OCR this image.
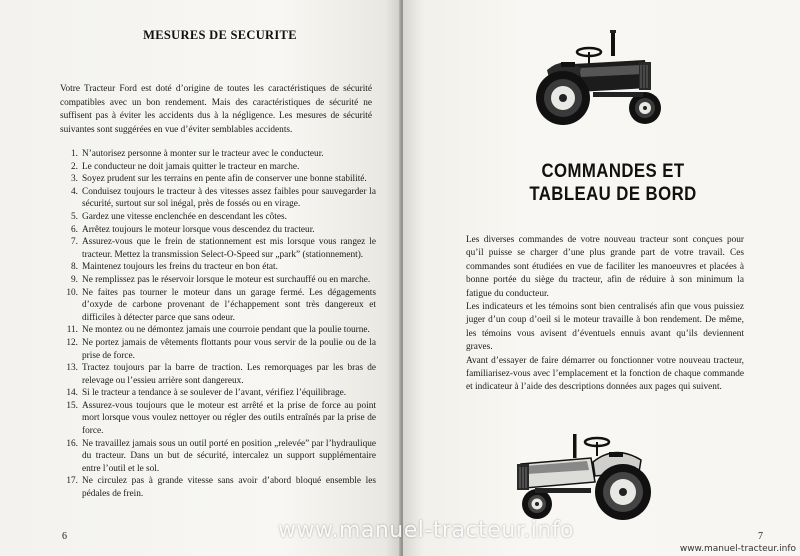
MESURES DE SECURITE

Votre Tracteur Ford est doté d’origine de toutes les caractéristiques de sécurité compatibles avec un bon rendement. Mais des caractéristiques de sécurité ne suffisent pas à éviter les accidents dus à la négligence. Les mesures de sécurité suivantes sont suggérées en vue d’éviter semblables accidents.

1. N’autorisez personne à monter sur le tracteur avec le conducteur.
2. Le conducteur ne doit jamais quitter le tracteur en marche.
3. Soyez prudent sur les terrains en pente afin de conserver une bonne stabilité.
4. Conduisez toujours le tracteur à des vitesses assez faibles pour sauvegarder la sécurité, surtout sur sol inégal, près de fossés ou en virage.
5. Gardez une vitesse enclenchée en descendant les côtes.
6. Arrêtez toujours le moteur lorsque vous descendez du tracteur.
7. Assurez-vous que le frein de stationnement est mis lorsque vous rangez le tracteur. Mettez la transmission Select-O-Speed sur „park” (stationnement).
8. Maintenez toujours les freins du tracteur en bon état.
9. Ne remplissez pas le réservoir lorsque le moteur est surchauffé ou en marche.
10. Ne faites pas tourner le moteur dans un garage fermé. Les dégagements d’oxyde de carbone provenant de l’échappement sont très dangereux et difficiles à détecter parce que sans odeur.
11. Ne montez ou ne démontez jamais une courroie pendant que la poulie tourne.
12. Ne portez jamais de vêtements flottants pour vous servir de la poulie ou de la prise de force.
13. Tractez toujours par la barre de traction. Les remorquages par les bras de relevage ou l’essieu arrière sont dangereux.
14. Si le tracteur a tendance à se soulever de l’avant, vérifiez l’équilibrage.
15. Assurez-vous toujours que le moteur est arrêté et la prise de force au point mort lorsque vous voulez nettoyer ou régler des outils entraînés par la prise de force.
16. Ne travaillez jamais sous un outil porté en position „relevée” par l’hydraulique du tracteur. Dans un but de sécurité, intercalez un support supplémentaire entre l’outil et le sol.
17. Ne circulez pas à grande vitesse sans avoir d’abord bloqué ensemble les pédales de frein.
6
COMMANDES ET
TABLEAU DE BORD
Les diverses commandes de votre nouveau tracteur sont conçues pour qu’il puisse se charger d’une plus grande part de votre travail. Ces commandes sont étudiées en vue de faciliter les manoeuvres et placées à bonne portée du siège du tracteur, afin de réduire à son minimum la fatigue du conducteur.
Les indicateurs et les témoins sont bien centralisés afin que vous puissiez juger d’un coup d’oeil si le moteur travaille à bon rendement. De même, les témoins vous avisent d’éventuels ennuis avant qu’ils deviennent graves.
Avant d’essayer de faire démarrer ou fonctionner votre nouveau tracteur, familiarisez-vous avec l’emplacement et la fonction de chaque commande et indicateur à l’aide des descriptions données aux pages qui suivent.
7
www.manuel-tracteur.info
www.manuel-tracteur.info
